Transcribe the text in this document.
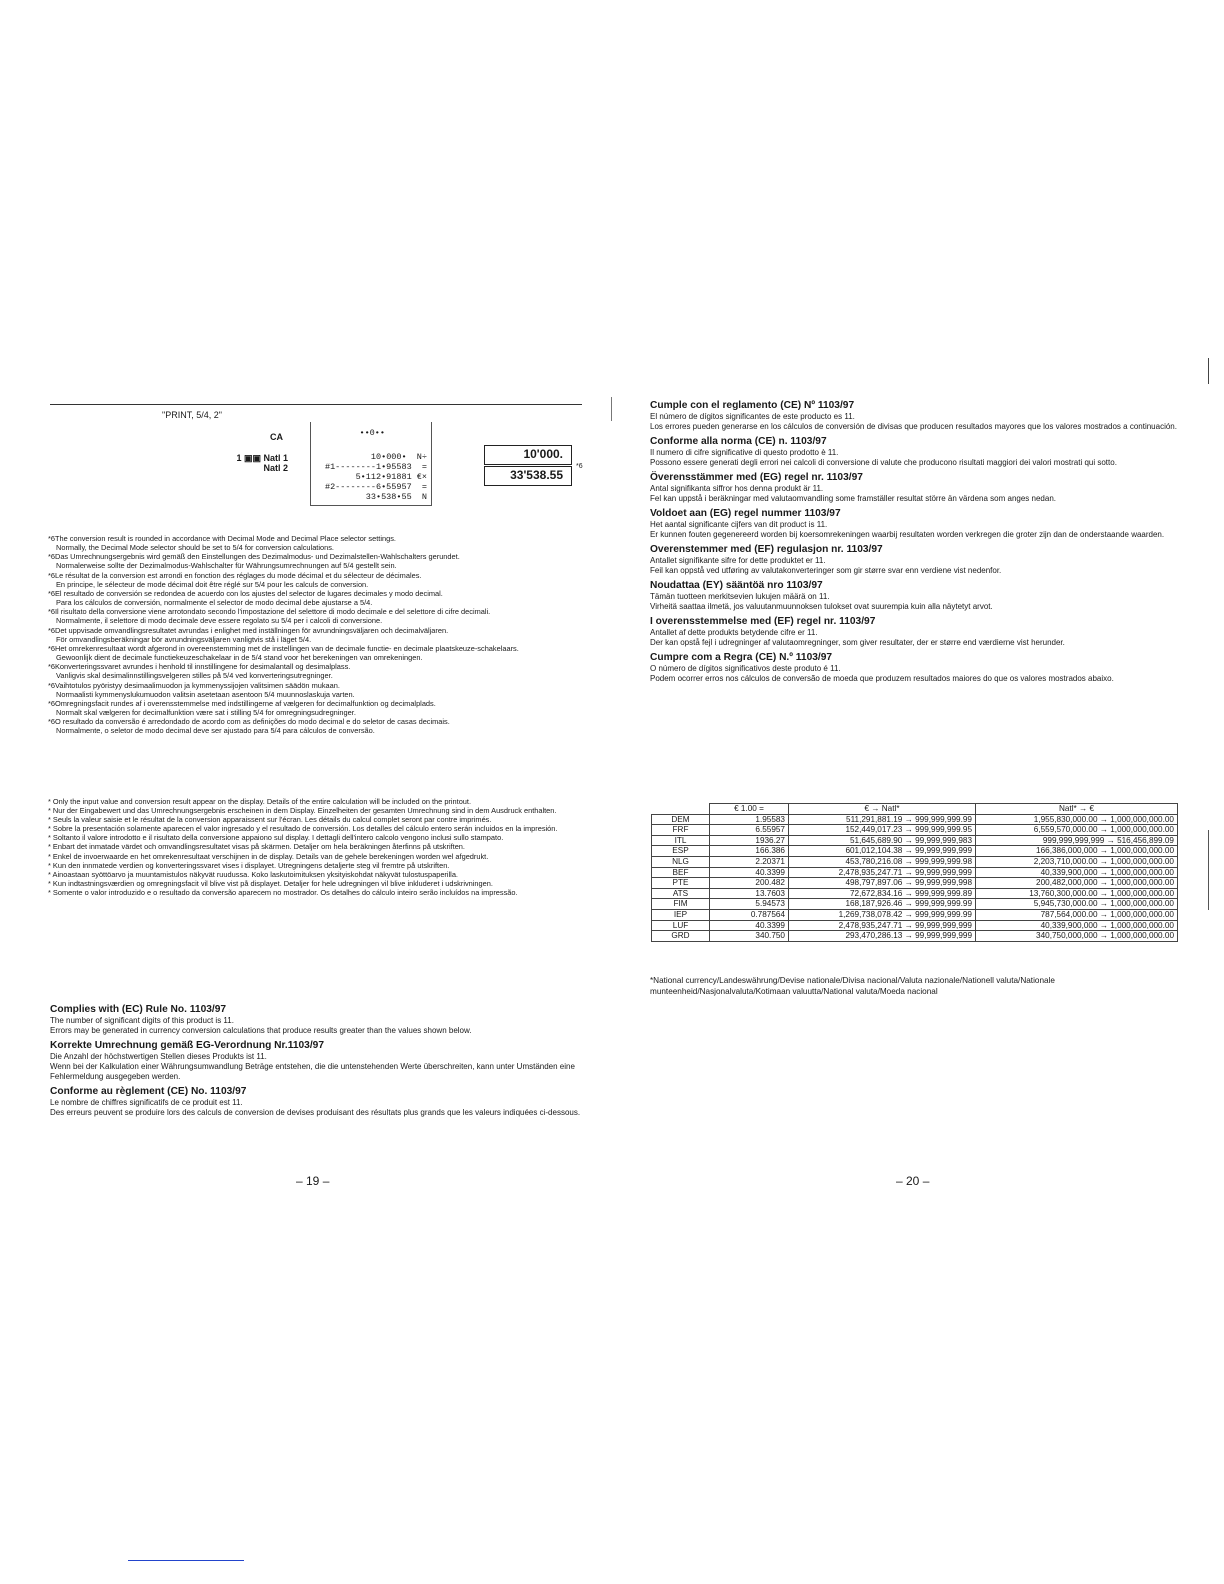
"PRINT, 5/4, 2"
CA
1 ▣▣ Natl 1
Natl 2
••0••
10•000•  N÷
#1--------1•95583  =
5•112•91881 €×
#2--------6•55957  =
33•538•55  N
10'000.
33'538.55
*6
*6The conversion result is rounded in accordance with Decimal Mode and Decimal Place selector settings.
Normally, the Decimal Mode selector should be set to 5/4 for conversion calculations.
*6Das Umrechnungsergebnis wird gemäß den Einstellungen des Dezimalmodus- und Dezimalstellen-Wahlschalters gerundet.
Normalerweise sollte der Dezimalmodus-Wahlschalter für Währungsumrechnungen auf 5/4 gestellt sein.
*6Le résultat de la conversion est arrondi en fonction des réglages du mode décimal et du sélecteur de décimales.
En principe, le sélecteur de mode décimal doit être réglé sur 5/4 pour les calculs de conversion.
*6El resultado de conversión se redondea de acuerdo con los ajustes del selector de lugares decimales y modo decimal.
Para los cálculos de conversión, normalmente el selector de modo decimal debe ajustarse a 5/4.
*6Il risultato della conversione viene arrotondato secondo l'impostazione del selettore di modo decimale e del selettore di cifre decimali.
Normalmente, il selettore di modo decimale deve essere regolato su 5/4 per i calcoli di conversione.
*6Det uppvisade omvandlingsresultatet avrundas i enlighet med inställningen för avrundningsväljaren och decimalväljaren.
För omvandlingsberäkningar bör avrundningsväljaren vanligtvis stå i läget 5/4.
*6Het omrekenresultaat wordt afgerond in overeenstemming met de instellingen van de decimale functie- en decimale plaatskeuze-schakelaars.
Gewoonlijk dient de decimale functiekeuzeschakelaar in de 5/4 stand voor het berekeningen van omrekeningen.
*6Konverteringssvaret avrundes i henhold til innstillingene for desimalantall og desimalplass.
Vanligvis skal desimalinnstillingsvelgeren stilles på 5/4 ved konverteringsutregninger.
*6Vaihtotulos pyöristyy desimaalimuodon ja kymmenyssijojen valitsimen säädön mukaan.
Normaalisti kymmenyslukumuodon valitsin asetetaan asentoon 5/4 muunnoslaskuja varten.
*6Omregningsfacit rundes af i overensstemmelse med indstillingerne af vælgeren for decimalfunktion og decimalplads.
Normalt skal vælgeren for decimalfunktion være sat i stilling 5/4 for omregningsudregninger.
*6O resultado da conversão é arredondado de acordo com as definições do modo decimal e do seletor de casas decimais.
Normalmente, o seletor de modo decimal deve ser ajustado para 5/4 para cálculos de conversão.
* Only the input value and conversion result appear on the display. Details of the entire calculation will be included on the printout.
* Nur der Eingabewert und das Umrechnungsergebnis erscheinen in dem Display. Einzelheiten der gesamten Umrechnung sind in dem Ausdruck enthalten.
* Seuls la valeur saisie et le résultat de la conversion apparaissent sur l'écran. Les détails du calcul complet seront par contre imprimés.
* Sobre la presentación solamente aparecen el valor ingresado y el resultado de conversión. Los detalles del cálculo entero serán incluidos en la impresión.
* Soltanto il valore introdotto e il risultato della conversione appaiono sul display. I dettagli dell'intero calcolo vengono inclusi sullo stampato.
* Enbart det inmatade värdet och omvandlingsresultatet visas på skärmen. Detaljer om hela beräkningen återfinns på utskriften.
* Enkel de invoerwaarde en het omrekenresultaat verschijnen in de display. Details van de gehele berekeningen worden wel afgedrukt.
* Kun den innmatede verdien og konverteringssvaret vises i displayet. Utregningens detaljerte steg vil fremtre på utskriften.
* Ainoastaan syöttöarvo ja muuntamistulos näkyvät ruudussa. Koko laskutoimituksen yksityiskohdat näkyvät tulostuspaperilla.
* Kun indtastningsværdien og omregningsfacit vil blive vist på displayet. Detaljer for hele udregningen vil blive inkluderet i udskrivningen.
* Somente o valor introduzido e o resultado da conversão aparecem no mostrador. Os detalhes do cálculo inteiro serão incluídos na impressão.
Complies with (EC) Rule No. 1103/97
The number of significant digits of this product is 11.
Errors may be generated in currency conversion calculations that produce results greater than the values shown below.
Korrekte Umrechnung gemäß EG-Verordnung Nr.1103/97
Die Anzahl der höchstwertigen Stellen dieses Produkts ist 11.
Wenn bei der Kalkulation einer Währungsumwandlung Beträge entstehen, die die untenstehenden Werte überschreiten, kann unter Umständen eine Fehlermeldung ausgegeben werden.
Conforme au règlement (CE) No. 1103/97
Le nombre de chiffres significatifs de ce produit est 11.
Des erreurs peuvent se produire lors des calculs de conversion de devises produisant des résultats plus grands que les valeurs indiquées ci-dessous.
– 19 –
Cumple con el reglamento (CE) Nº 1103/97
El número de dígitos significantes de este producto es 11.
Los errores pueden generarse en los cálculos de conversión de divisas que producen resultados mayores que los valores mostrados a continuación.
Conforme alla norma (CE) n. 1103/97
Il numero di cifre significative di questo prodotto è 11.
Possono essere generati degli errori nei calcoli di conversione di valute che producono risultati maggiori dei valori mostrati qui sotto.
Överensstämmer med (EG) regel nr. 1103/97
Antal signifikanta siffror hos denna produkt är 11.
Fel kan uppstå i beräkningar med valutaomvandling some framställer resultat större än värdena som anges nedan.
Voldoet aan (EG) regel nummer 1103/97
Het aantal significante cijfers van dit product is 11.
Er kunnen fouten gegenereerd worden bij koersomrekeningen waarbij resultaten worden verkregen die groter zijn dan de onderstaande waarden.
Overenstemmer med (EF) regulasjon nr. 1103/97
Antallet signifikante sifre for dette produktet er 11.
Feil kan oppstå ved utføring av valutakonverteringer som gir større svar enn verdiene vist nedenfor.
Noudattaa (EY) sääntöä nro 1103/97
Tämän tuotteen merkitsevien lukujen määrä on 11.
Virheitä saattaa ilmetä, jos valuutanmuunnoksen tulokset ovat suurempia kuin alla näytetyt arvot.
I overensstemmelse med (EF) regel nr. 1103/97
Antallet af dette produkts betydende cifre er 11.
Der kan opstå fejl i udregninger af valutaomregninger, som giver resultater, der er større end værdierne vist herunder.
Cumpre com a Regra (CE) N.º 1103/97
O número de dígitos significativos deste produto é 11.
Podem ocorrer erros nos cálculos de conversão de moeda que produzem resultados maiores do que os valores mostrados abaixo.
– 20 –
	€ 1.00 =	€ → Natl*	Natl* → €
DEM	1.95583	511,291,881.19 → 999,999,999.99	1,955,830,000.00 → 1,000,000,000.00
FRF	6.55957	152,449,017.23 → 999,999,999.95	6,559,570,000.00 → 1,000,000,000.00
ITL	1936.27	51,645,689.90 → 99,999,999,983	999,999,999,999 → 516,456,899.09
ESP	166.386	601,012,104.38 → 99,999,999,999	166,386,000,000 → 1,000,000,000.00
NLG	2.20371	453,780,216.08 → 999,999,999.98	2,203,710,000.00 → 1,000,000,000.00
BEF	40.3399	2,478,935,247.71 → 99,999,999,999	40,339,900,000 → 1,000,000,000.00
PTE	200.482	498,797,897.06 → 99,999,999,998	200,482,000,000 → 1,000,000,000.00
ATS	13.7603	72,672,834.16 → 999,999,999.89	13,760,300,000.00 → 1,000,000,000.00
FIM	5.94573	168,187,926.46 → 999,999,999.99	5,945,730,000.00 → 1,000,000,000.00
IEP	0.787564	1,269,738,078.42 → 999,999,999.99	787,564,000.00 → 1,000,000,000.00
LUF	40.3399	2,478,935,247.71 → 99,999,999,999	40,339,900,000 → 1,000,000,000.00
GRD	340.750	293,470,286.13 → 99,999,999,999	340,750,000,000 → 1,000,000,000.00
*National currency/Landeswährung/Devise nationale/Divisa nacional/Valuta nazionale/Nationell valuta/Nationale munteenheid/Nasjonalvaluta/Kotimaan valuutta/National valuta/Moeda nacional
